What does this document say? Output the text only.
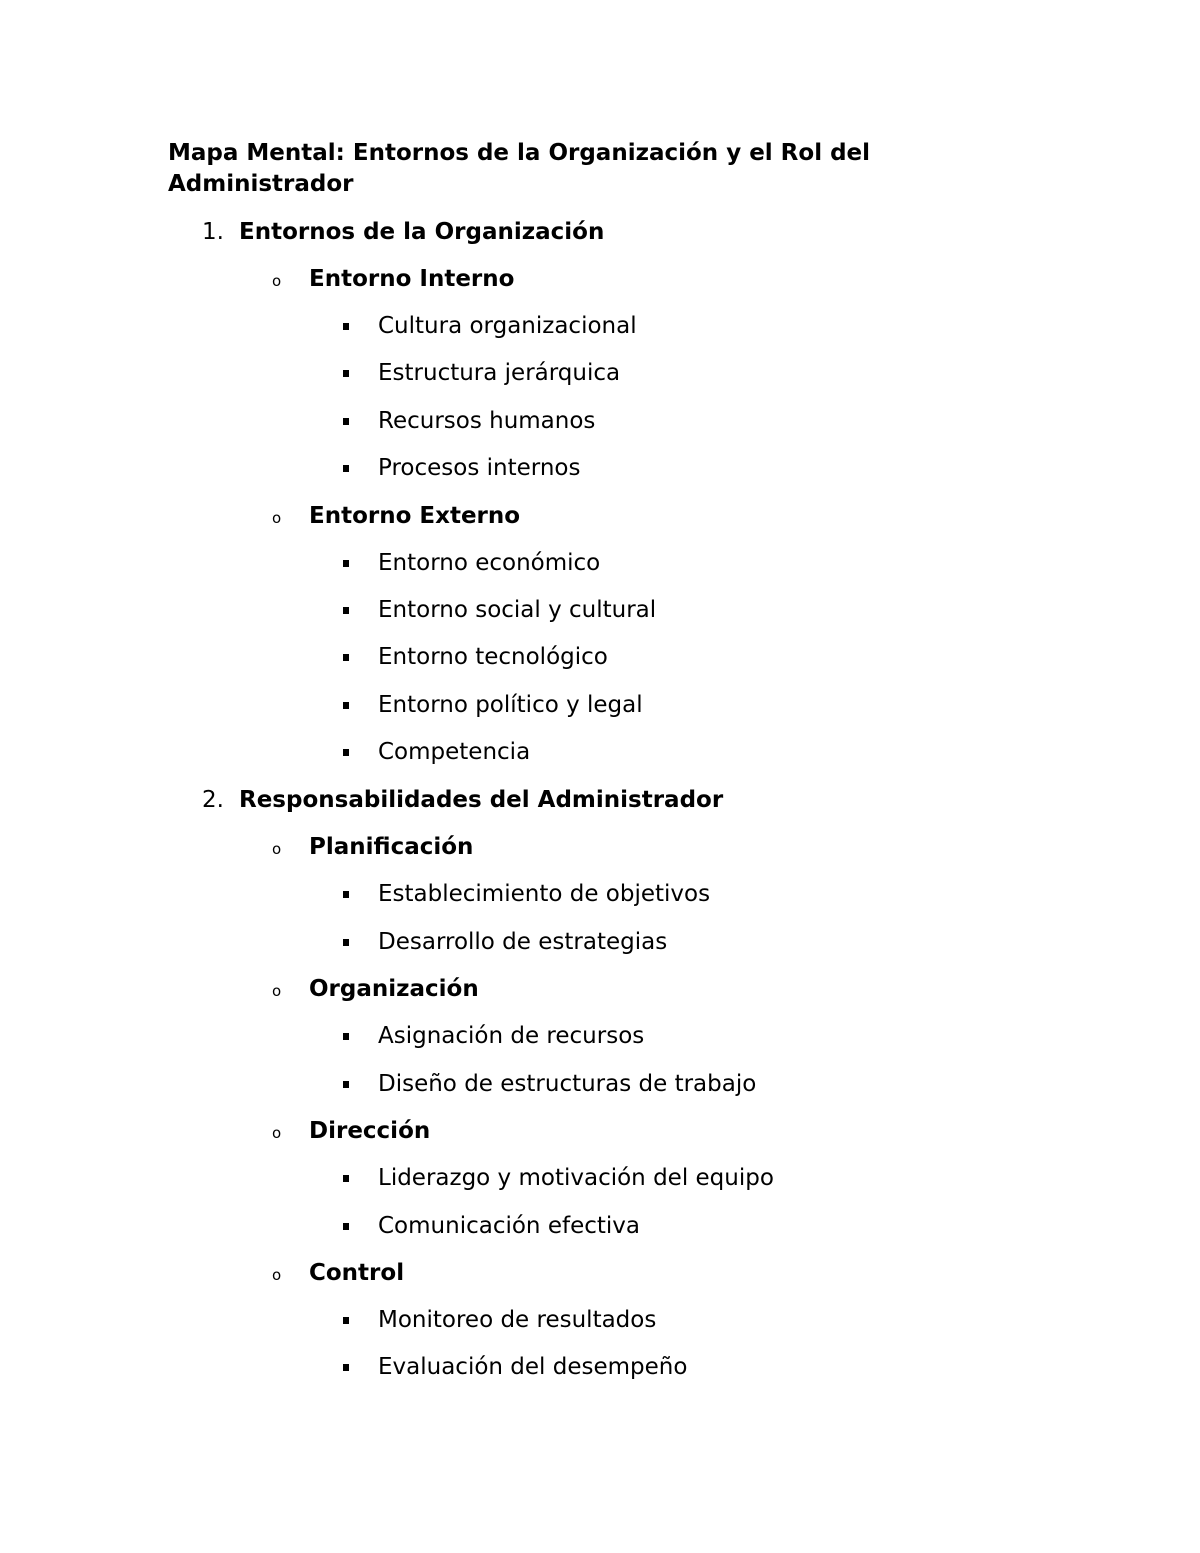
Mapa Mental: Entornos de la Organización y el Rol del Administrador
1. Entornos de la Organización
o Entorno Interno
Cultura organizacional
Estructura jerárquica
Recursos humanos
Procesos internos
o Entorno Externo
Entorno económico
Entorno social y cultural
Entorno tecnológico
Entorno político y legal
Competencia
2. Responsabilidades del Administrador
o Planificación
Establecimiento de objetivos
Desarrollo de estrategias
o Organización
Asignación de recursos
Diseño de estructuras de trabajo
o Dirección
Liderazgo y motivación del equipo
Comunicación efectiva
o Control
Monitoreo de resultados
Evaluación del desempeño
